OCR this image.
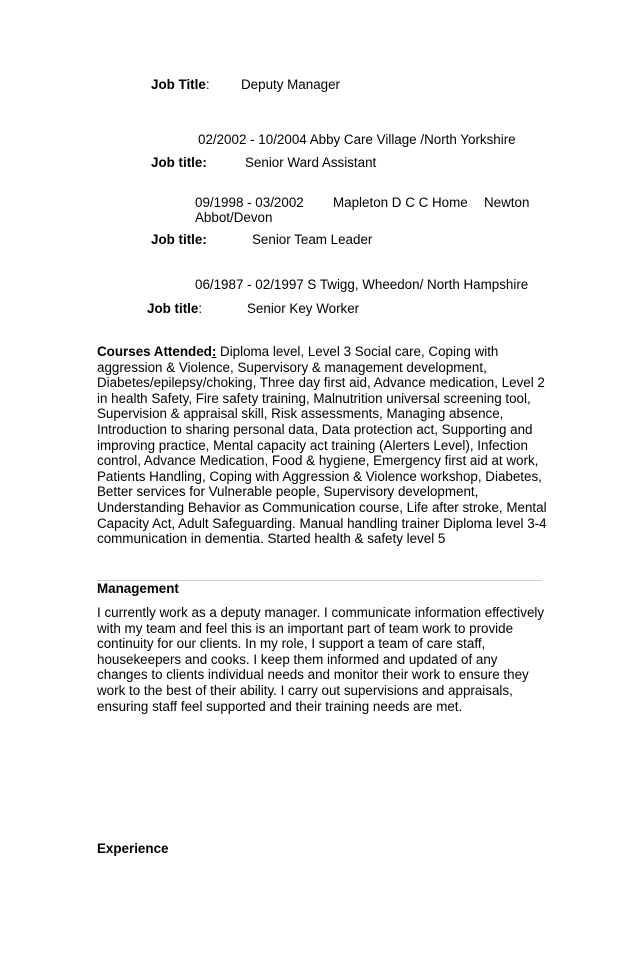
Job Title: Deputy Manager
02/2002 - 10/2004 Abby Care Village /North Yorkshire
Job title:	Senior Ward Assistant
09/1998 - 03/2002 Mapleton D C C Home Newton
Abbot/Devon
Job title:	Senior Team Leader
06/1987 - 02/1997 S Twigg, Wheedon/ North Hampshire
Job title:	Senior Key Worker
Courses Attended: Diploma level, Level 3 Social care, Coping with aggression & Violence, Supervisory & management development, Diabetes/epilepsy/choking, Three day first aid, Advance medication, Level 2 in health Safety, Fire safety training, Malnutrition universal screening tool, Supervision & appraisal skill, Risk assessments, Managing absence, Introduction to sharing personal data, Data protection act, Supporting and improving practice, Mental capacity act training (Alerters Level), Infection control, Advance Medication, Food & hygiene, Emergency first aid at work, Patients Handling, Coping with Aggression & Violence workshop, Diabetes, Better services for Vulnerable people, Supervisory development, Understanding Behavior as Communication course, Life after stroke, Mental Capacity Act, Adult Safeguarding. Manual handling trainer Diploma level 3-4 communication in dementia. Started health & safety level 5
Management
I currently work as a deputy manager. I communicate information effectively with my team and feel this is an important part of team work to provide continuity for our clients. In my role, I support a team of care staff, housekeepers and cooks. I keep them informed and updated of any changes to clients individual needs and monitor their work to ensure they work to the best of their ability. I carry out supervisions and appraisals, ensuring staff feel supported and their training needs are met.
Experience
